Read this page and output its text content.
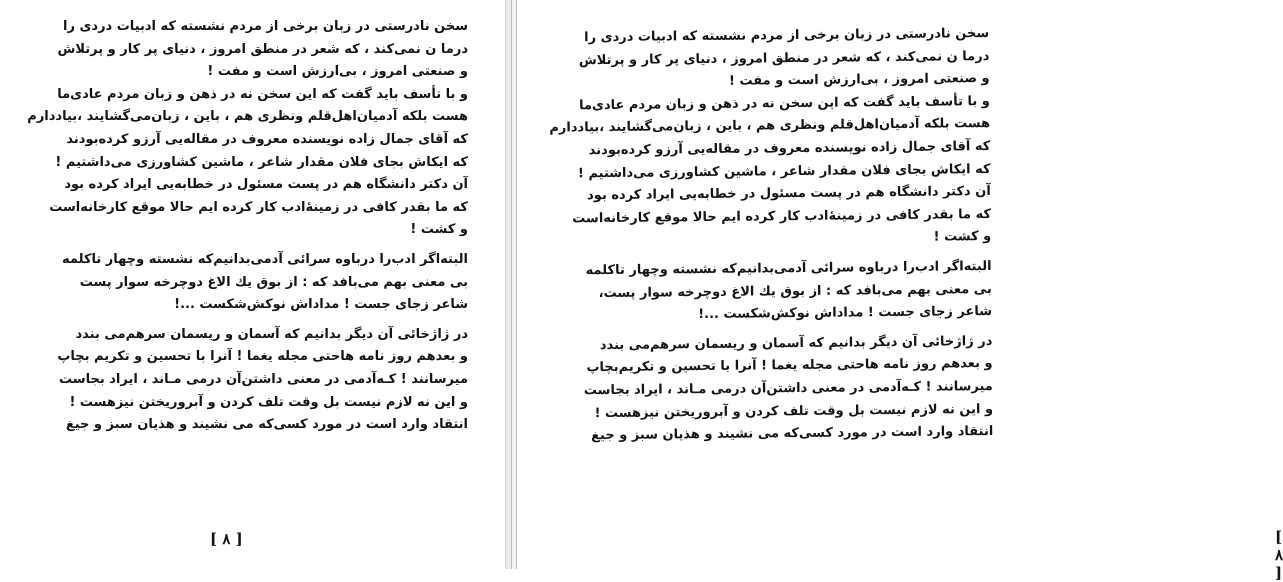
سخن نادرستی در زبان برخی از مردم نشسته که ادبیات دردی را
درما ن نمی‌کند ، که شعر در منطق امروز ، دنیای پر کار و پرتلاش
و صنعتی امروز ، بی‌ارزش است و مفت !
و با تأسف باید گفت که این سخن نه در ذهن و زبان مردم عادی‌ما
هست بلکه آدمیان‌اهل‌قلم ونظری هم ، باین ، زبان‌می‌گشایند ،بیاددارم
که آقای جمال زاده نویسنده معروف در مقاله‌یی آرزو کرده‌بودند
که ایکاش بجای فلان مقدار شاعر ، ماشین کشاورزی می‌داشتیم !
آن دکتر دانشگاه هم در پست مسئول در خطابه‌یی ایراد کرده بود
که ما بقدر کافی در زمینهٔ‌ادب کار کرده ایم حالا موقع کارخانه‌است
و کشت !
البته‌اگر ادب‌را درباوه سرائی آدمی‌بدانیم‌که نشسته وچهار تاکلمه
بی معنی بهم می‌بافد که : از بوق یك الاغ دوچرخه سوار پست
شاعر زجای جست ! مداداش نوکش‌شکست ...!
در ژاژخائی آن دیگر بدانیم که آسمان و ریسمان سرهم‌می بندد
و بعدهم روز نامه هاحتی مجله یغما ! آنرا با تحسین و تکریم بچاپ
میرسانند ! کـه‌آدمی در معنی داشتن‌آن درمی مـاند ، ایراد بجاست
و این نه لازم نیست بل وقت تلف کردن و آبروریختن نیزهست !
انتقاد وارد است در مورد کسی‌که می نشیند و هذیان سبز و جیغ
[ ۸ ]
سخن نادرستی در زبان برخی از مردم نشسته که ادبیات دردی را
درما ن نمی‌کند ، که شعر در منطق امروز ، دنیای پر کار و پرتلاش
و صنعتی امروز ، بی‌ارزش است و مفت !
و با تأسف باید گفت که این سخن نه در ذهن و زبان مردم عادی‌ما
هست بلکه آدمیان‌اهل‌قلم ونظری هم ، باین ، زبان‌می‌گشایند ،بیاددارم
که آقای جمال زاده نویسنده معروف در مقاله‌یی آرزو کرده‌بودند
که ایکاش بجای فلان مقدار شاعر ، ماشین کشاورزی می‌داشتیم !
آن دکتر دانشگاه هم در پست مسئول در خطابه‌یی ایراد کرده بود
که ما بقدر کافی در زمینهٔ‌ادب کار کرده ایم حالا موقع کارخانه‌است
و کشت !
البته‌اگر ادب‌را درباوه سرائی آدمی‌بدانیم‌که نشسته وچهار تاکلمه
بی معنی بهم می‌بافد که : از بوق یك الاغ دوچرخه سوار پست،
شاعر زجای جست ! مداداش نوکش‌شکست ...!
در ژاژخائی آن دیگر بدانیم که آسمان و ریسمان سرهم‌می بندد
و بعدهم روز نامه هاحتی مجله یغما ! آنرا با تحسین و تکریم‌بچاپ
میرسانند ! کـه‌آدمی در معنی داشتن‌آن درمی مـاند ، ایراد بجاست
و این نه لازم نیست بل وقت تلف کردن و آبروریختن نیزهست !
انتقاد وارد است در مورد کسی‌که می نشیند و هذیان سبز و جیغ
[ ۸ ]
